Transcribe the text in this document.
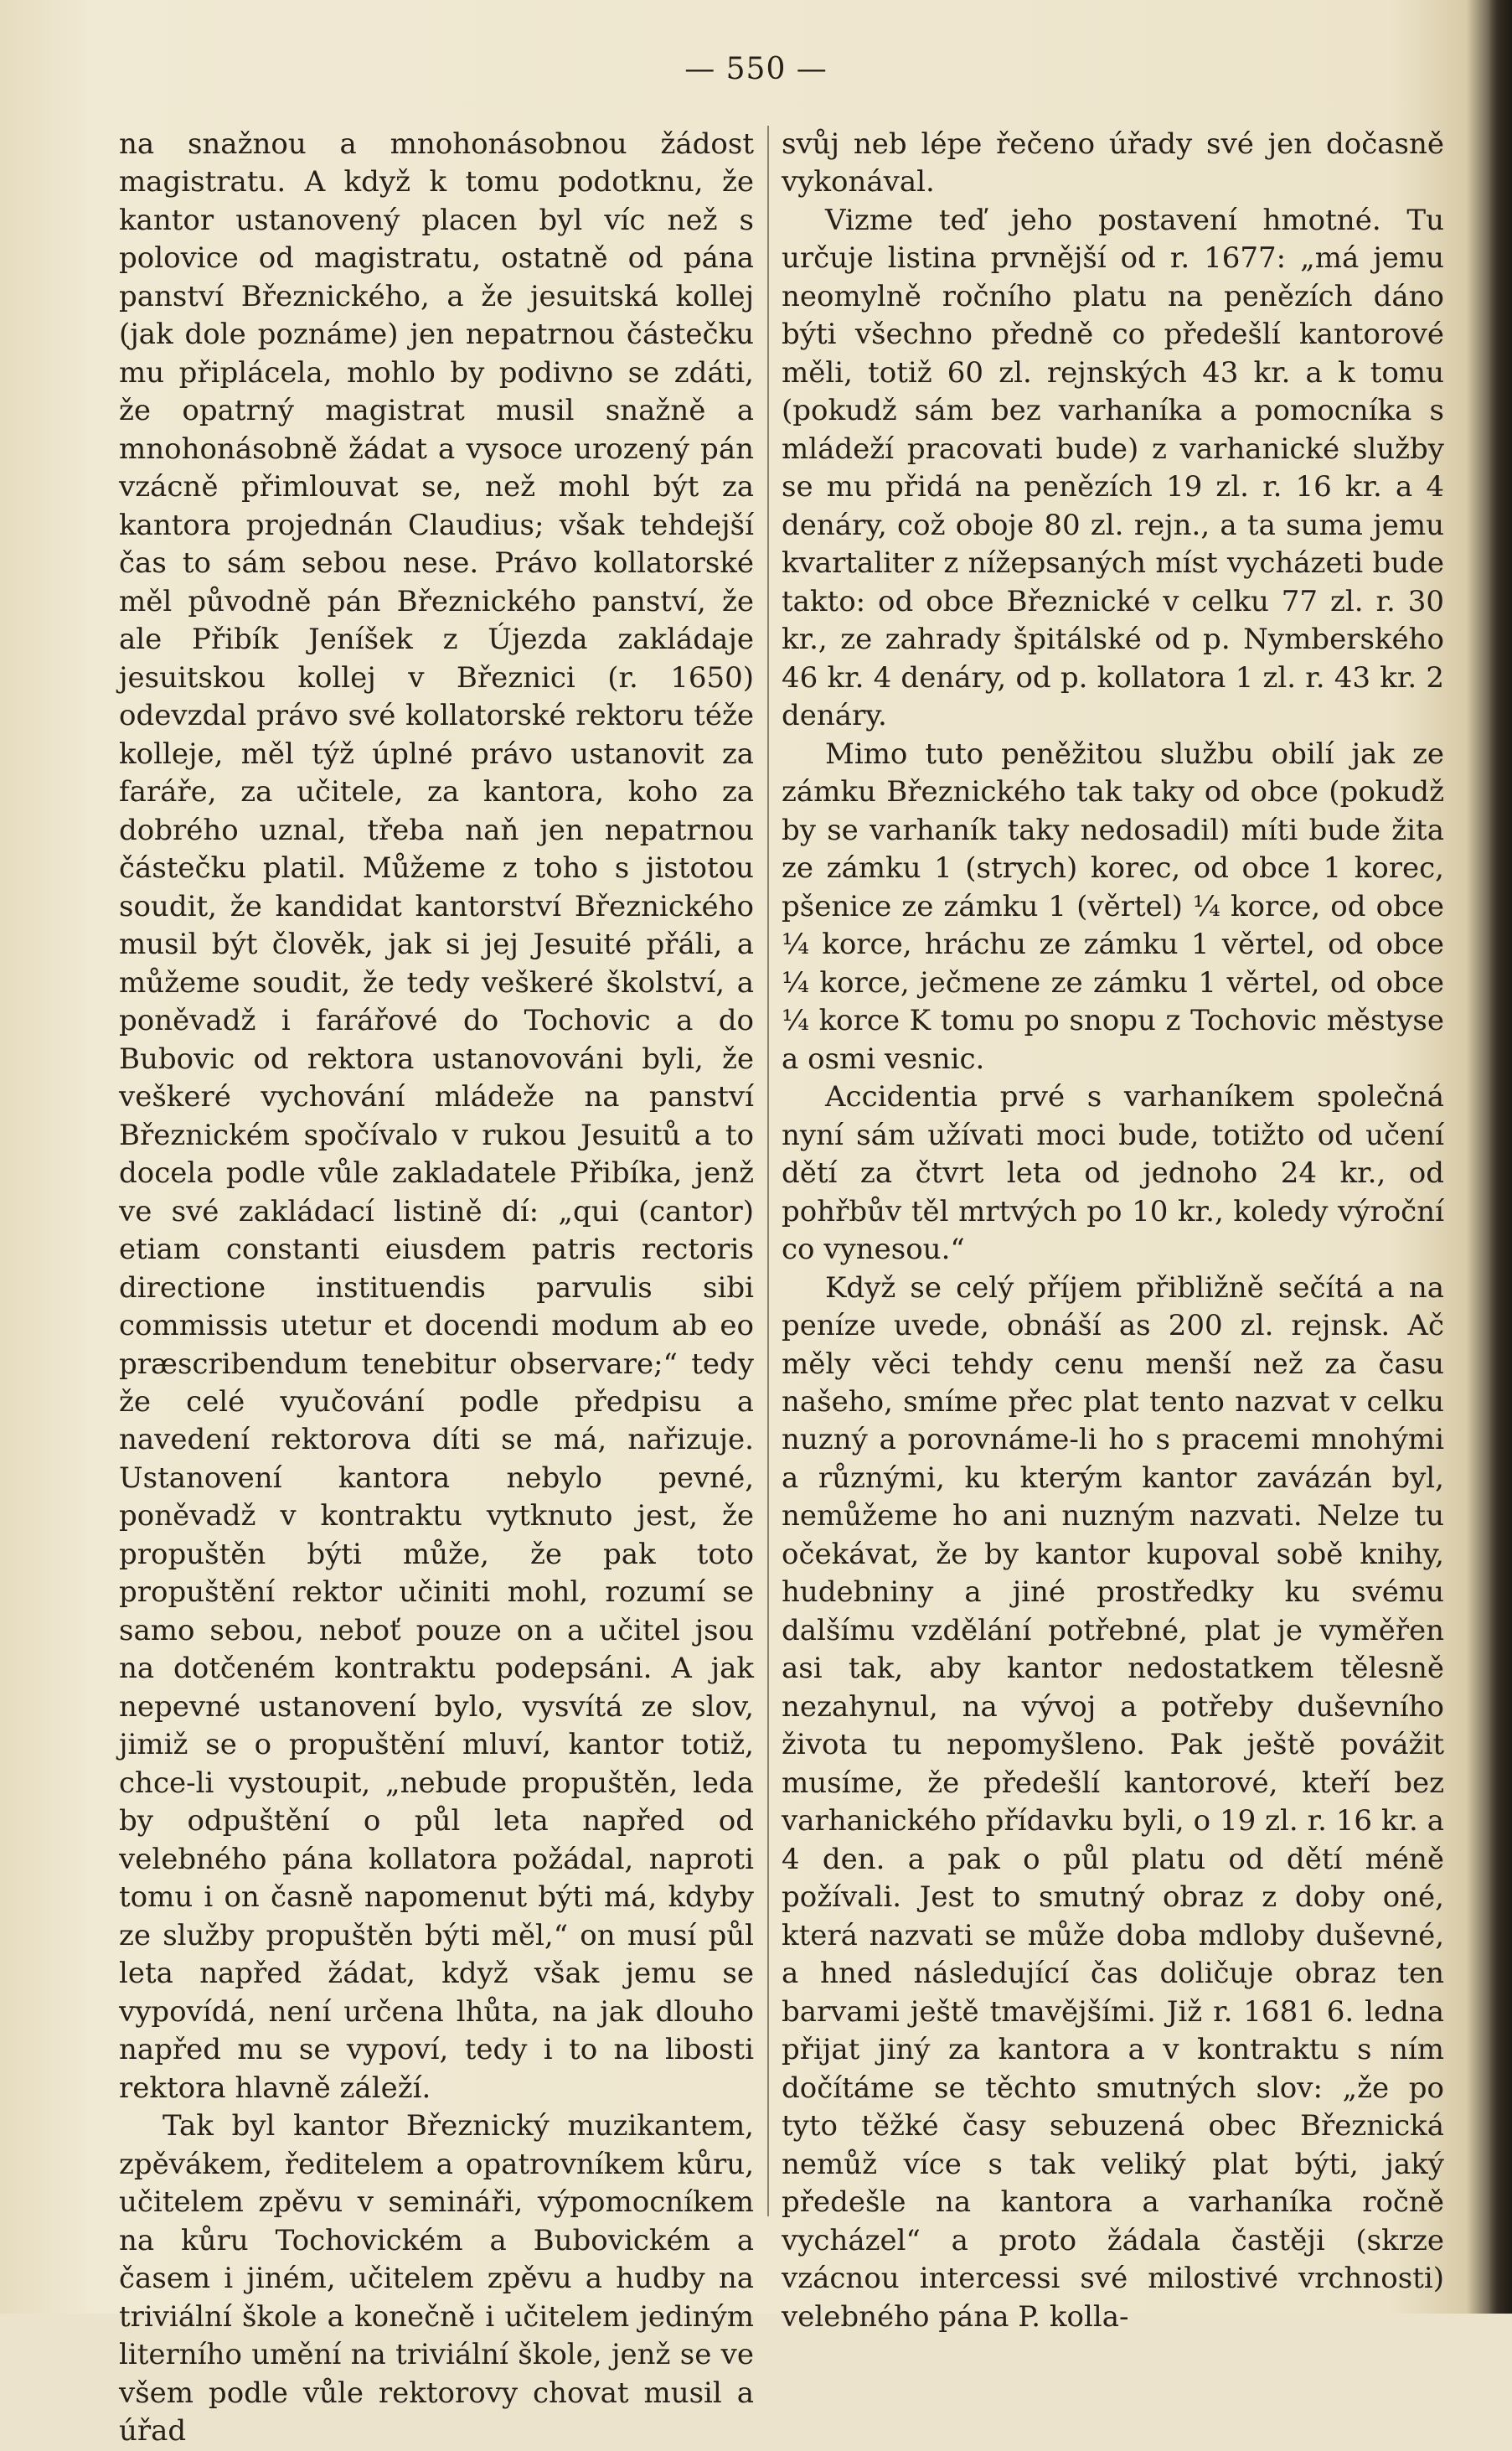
— 550 —

na snažnou a mnohonásobnou žádost magistratu. A když k tomu podotknu, že kantor ustanovený placen byl víc než s polovice od magistratu, ostatně od pána panství Březnického, a že jesuitská kollej (jak dole poznáme) jen nepatrnou částečku mu připlácela, mohlo by podivno se zdáti, že opatrný magistrat musil snažně a mnohonásobně žádat a vysoce urozený pán vzácně přimlouvat se, než mohl být za kantora projednán Claudius; však tehdejší čas to sám sebou nese. Právo kollatorské měl původně pán Březnického panství, že ale Přibík Jeníšek z Újezda zakládaje jesuitskou kollej v Březnici (r. 1650) odevzdal právo své kollatorské rektoru téže kolleje, měl týž úplné právo ustanovit za faráře, za učitele, za kantora, koho za dobrého uznal, třeba naň jen nepatrnou částečku platil. Můžeme z toho s jistotou soudit, že kandidat kantorství Březnického musil být člověk, jak si jej Jesuité přáli, a můžeme soudit, že tedy veškeré školství, a poněvadž i farářové do Tochovic a do Bubovic od rektora ustanovováni byli, že veškeré vychování mládeže na panství Březnickém spočívalo v rukou Jesuitů a to docela podle vůle zakladatele Přibíka, jenž ve své zakládací listině dí: „qui (cantor) etiam constanti eiusdem patris rectoris directione instituendis parvulis sibi commissis utetur et docendi modum ab eo præscribendum tenebitur observare;“ tedy že celé vyučování podle předpisu a navedení rektorova díti se má, nařizuje. Ustanovení kantora nebylo pevné, poněvadž v kontraktu vytknuto jest, že propuštěn býti může, že pak toto propuštění rektor učiniti mohl, rozumí se samo sebou, neboť pouze on a učitel jsou na dotčeném kontraktu podepsáni. A jak nepevné ustanovení bylo, vysvítá ze slov, jimiž se o propuštění mluví, kantor totiž, chce-li vystoupit, „nebude propuštěn, leda by odpuštění o půl leta napřed od velebného pána kollatora požádal, naproti tomu i on časně napomenut býti má, kdyby ze služby propuštěn býti měl,“ on musí půl leta napřed žádat, když však jemu se vypovídá, není určena lhůta, na jak dlouho napřed mu se vypoví, tedy i to na libosti rektora hlavně záleží.

Tak byl kantor Březnický muzikantem, zpěvákem, ředitelem a opatrovníkem kůru, učitelem zpěvu v semináři, výpomocníkem na kůru Tochovickém a Bubovickém a časem i jiném, učitelem zpěvu a hudby na triviální škole a konečně i učitelem jediným literního umění na triviální škole, jenž se ve všem podle vůle rektorovy chovat musil a úřad

svůj neb lépe řečeno úřady své jen dočasně vykonával.

Vizme teď jeho postavení hmotné. Tu určuje listina prvnější od r. 1677: „má jemu neomylně ročního platu na penězích dáno býti všechno předně co předešlí kantorové měli, totiž 60 zl. rejnských 43 kr. a k tomu (pokudž sám bez varhaníka a pomocníka s mládeží pracovati bude) z varhanické služby se mu přidá na penězích 19 zl. r. 16 kr. a 4 denáry, což oboje 80 zl. rejn., a ta suma jemu kvartaliter z nížepsaných míst vycházeti bude takto: od obce Březnické v celku 77 zl. r. 30 kr., ze zahrady špitálské od p. Nymberského 46 kr. 4 denáry, od p. kollatora 1 zl. r. 43 kr. 2 denáry.

Mimo tuto peněžitou službu obilí jak ze zámku Březnického tak taky od obce (pokudž by se varhaník taky nedosadil) míti bude žita ze zámku 1 (strych) korec, od obce 1 korec, pšenice ze zámku 1 (věrtel) ¼ korce, od obce ¼ korce, hráchu ze zámku 1 věrtel, od obce ¼ korce, ječmene ze zámku 1 věrtel, od obce ¼ korce K tomu po snopu z Tochovic městyse a osmi vesnic.

Accidentia prvé s varhaníkem společná nyní sám užívati moci bude, totižto od učení dětí za čtvrt leta od jednoho 24 kr., od pohřbův těl mrtvých po 10 kr., koledy výroční co vynesou.“

Když se celý příjem přibližně sečítá a na peníze uvede, obnáší as 200 zl. rejnsk. Ač měly věci tehdy cenu menší než za času našeho, smíme přec plat tento nazvat v celku nuzný a porovnáme-li ho s pracemi mnohými a různými, ku kterým kantor zavázán byl, nemůžeme ho ani nuzným nazvati. Nelze tu očekávat, že by kantor kupoval sobě knihy, hudebniny a jiné prostředky ku svému dalšímu vzdělání potřebné, plat je vyměřen asi tak, aby kantor nedostatkem tělesně nezahynul, na vývoj a potřeby duševního života tu nepomyšleno. Pak ještě povážit musíme, že předešlí kantorové, kteří bez varhanického přídavku byli, o 19 zl. r. 16 kr. a 4 den. a pak o půl platu od dětí méně požívali. Jest to smutný obraz z doby oné, která nazvati se může doba mdloby duševné, a hned následující čas doličuje obraz ten barvami ještě tmavějšími. Již r. 1681 6. ledna přijat jiný za kantora a v kontraktu s ním dočítáme se těchto smutných slov: „že po tyto těžké časy sebuzená obec Březnická nemůž více s tak veliký plat býti, jaký předešle na kantora a varhaníka ročně vycházel“ a proto žádala častěji (skrze vzácnou intercessi své milostivé vrchnosti) velebného pána P. kolla-
